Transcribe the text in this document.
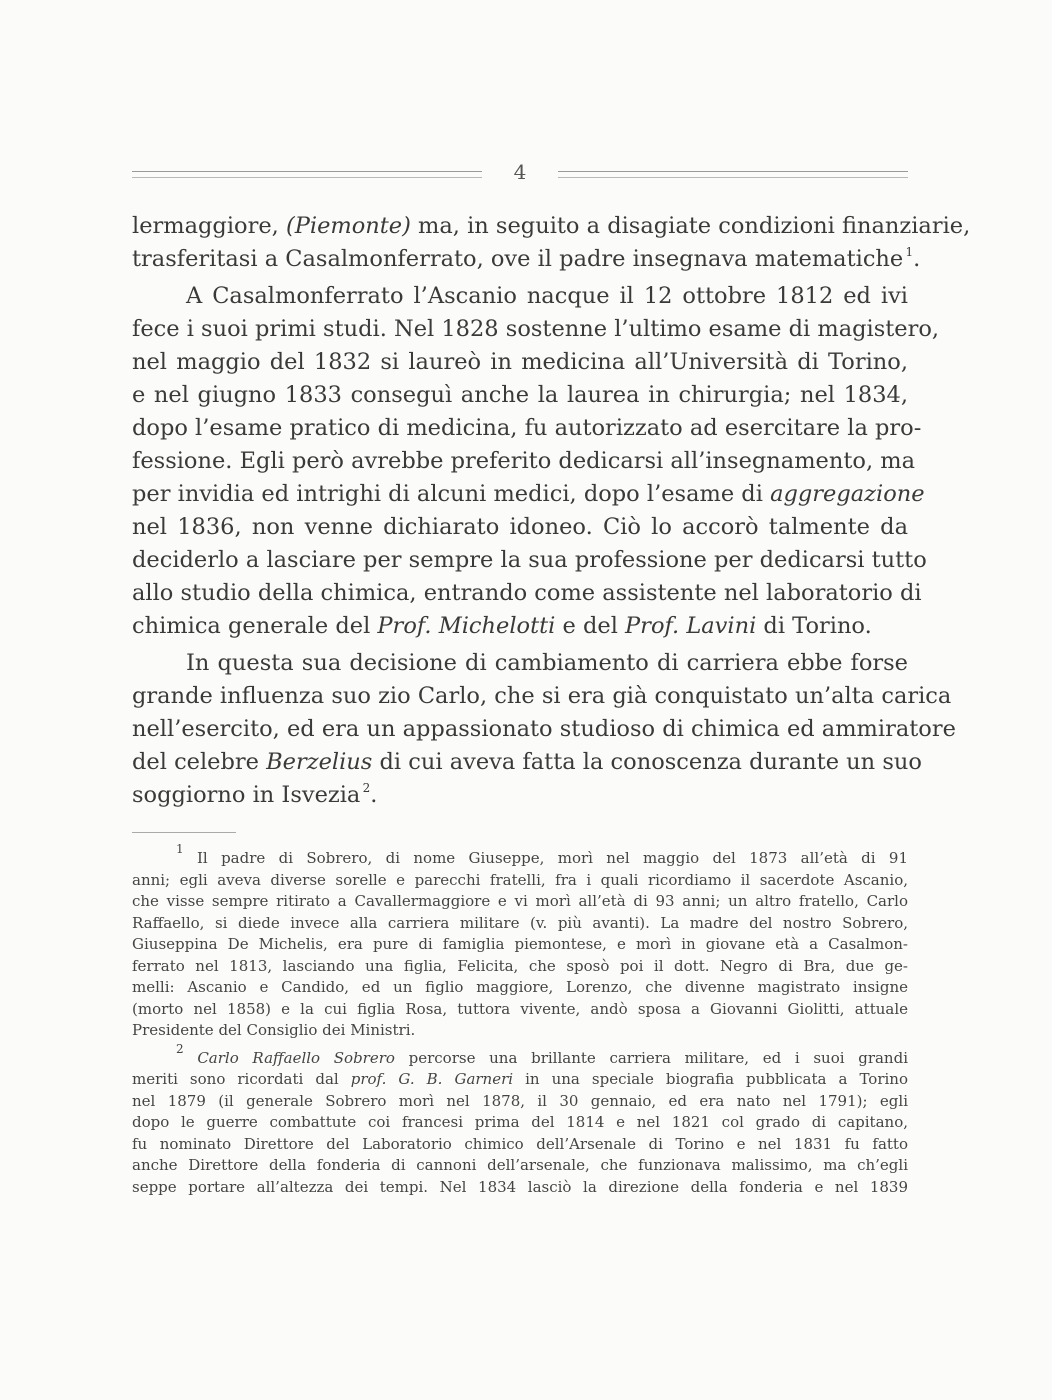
4

lermaggiore, (Piemonte) ma, in seguito a disagiate condizioni finanziarie,
trasferitasi a Casalmonferrato, ove il padre insegnava matematiche  $^1$.

A Casalmonferrato l’Ascanio nacque il 12 ottobre 1812 ed ivi
fece i suoi primi studi. Nel 1828 sostenne l’ultimo esame di magistero,
nel maggio del 1832 si laureò in medicina all’Università di Torino,
e nel giugno 1833 conseguì anche la laurea in chirurgia; nel 1834,
dopo l’esame pratico di medicina, fu autorizzato ad esercitare la pro-
fessione. Egli però avrebbe preferito dedicarsi all’insegnamento, ma
per invidia ed intrighi di alcuni medici, dopo l’esame di aggregazione
nel 1836, non venne dichiarato idoneo. Ciò lo accorò talmente da
deciderlo a lasciare per sempre la sua professione per dedicarsi tutto
allo studio della chimica, entrando come assistente nel laboratorio di
chimica generale del Prof. Michelotti e del Prof. Lavini di Torino.

In questa sua decisione di cambiamento di carriera ebbe forse
grande influenza suo zio Carlo, che si era già conquistato un’alta carica
nell’esercito, ed era un appassionato studioso di chimica ed ammiratore
del celebre Berzelius di cui aveva fatta la conoscenza durante un suo
soggiorno in Isvezia  $^2$.

$^1$ Il padre di Sobrero, di nome Giuseppe, morì nel maggio del 1873 all’età di 91
anni; egli aveva diverse sorelle e parecchi fratelli, fra i quali ricordiamo il sacerdote Ascanio,
che visse sempre ritirato a Cavallermaggiore e vi morì all’età di 93 anni; un altro fratello, Carlo
Raffaello, si diede invece alla carriera militare (v. più avanti). La madre del nostro Sobrero,
Giuseppina De Michelis, era pure di famiglia piemontese, e morì in giovane età a Casalmon-
ferrato nel 1813, lasciando una figlia, Felicita, che sposò poi il dott. Negro di Bra, due ge-
melli: Ascanio e Candido, ed un figlio maggiore, Lorenzo, che divenne magistrato insigne
(morto nel 1858) e la cui figlia Rosa, tuttora vivente, andò sposa a Giovanni Giolitti, attuale
Presidente del Consiglio dei Ministri.
$^2$ Carlo Raffaello Sobrero percorse una brillante carriera militare, ed i suoi grandi
meriti sono ricordati dal prof. G. B. Garneri in una speciale biografia pubblicata a Torino
nel 1879 (il generale Sobrero morì nel 1878, il 30 gennaio, ed era nato nel 1791); egli
dopo le guerre combattute coi francesi prima del 1814 e nel 1821 col grado di capitano,
fu nominato Direttore del Laboratorio chimico dell’Arsenale di Torino e nel 1831 fu fatto
anche Direttore della fonderia di cannoni dell’arsenale, che funzionava malissimo, ma ch’egli
seppe portare all’altezza dei tempi. Nel 1834 lasciò la direzione della fonderia e nel 1839
